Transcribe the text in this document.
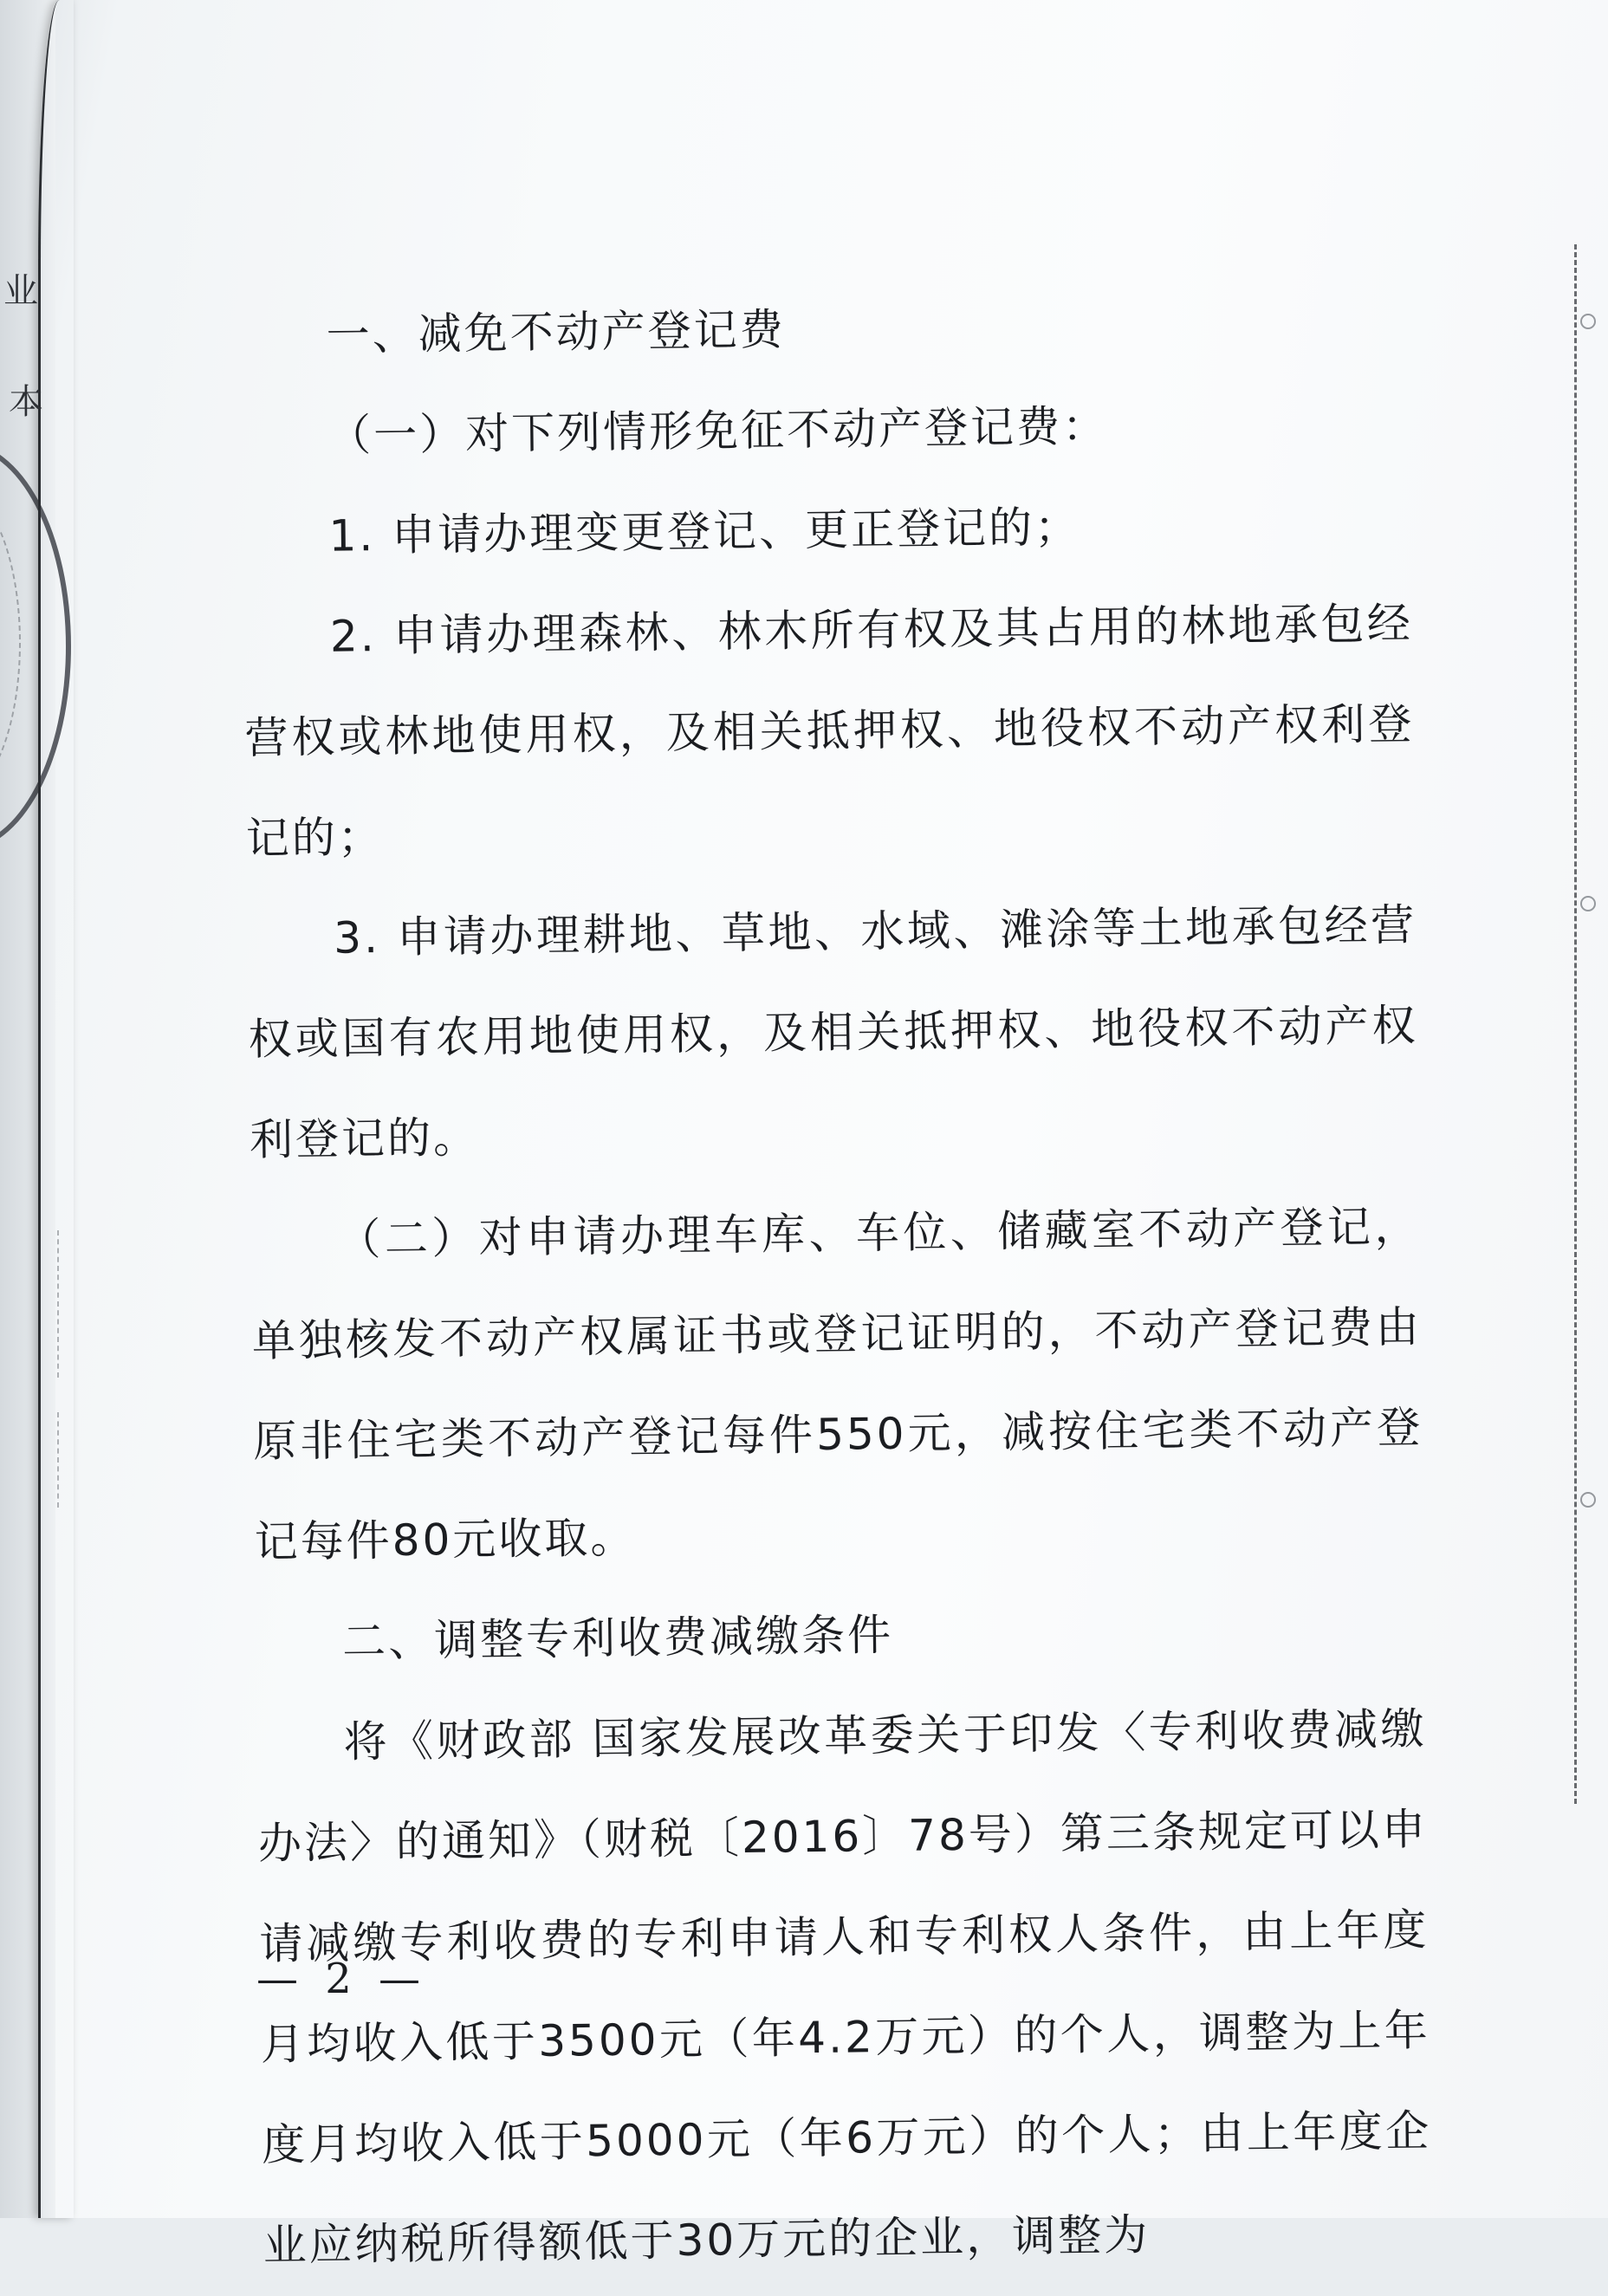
业
本

一、减免不动产登记费

（一）对下列情形免征不动产登记费：

1. 申请办理变更登记、更正登记的；

2. 申请办理森林、林木所有权及其占用的林地承包经营权或林地使用权，及相关抵押权、地役权不动产权利登记的；

3. 申请办理耕地、草地、水域、滩涂等土地承包经营权或国有农用地使用权，及相关抵押权、地役权不动产权利登记的。

（二）对申请办理车库、车位、储藏室不动产登记，单独核发不动产权属证书或登记证明的，不动产登记费由原非住宅类不动产登记每件550元，减按住宅类不动产登记每件80元收取。

二、调整专利收费减缴条件

将《财政部 国家发展改革委关于印发〈专利收费减缴办法〉的通知》（财税〔2016〕78号）第三条规定可以申请减缴专利收费的专利申请人和专利权人条件，由上年度月均收入低于3500元（年4.2万元）的个人，调整为上年度月均收入低于5000元（年6万元）的个人；由上年度企业应纳税所得额低于30万元的企业，调整为

— 2 —
